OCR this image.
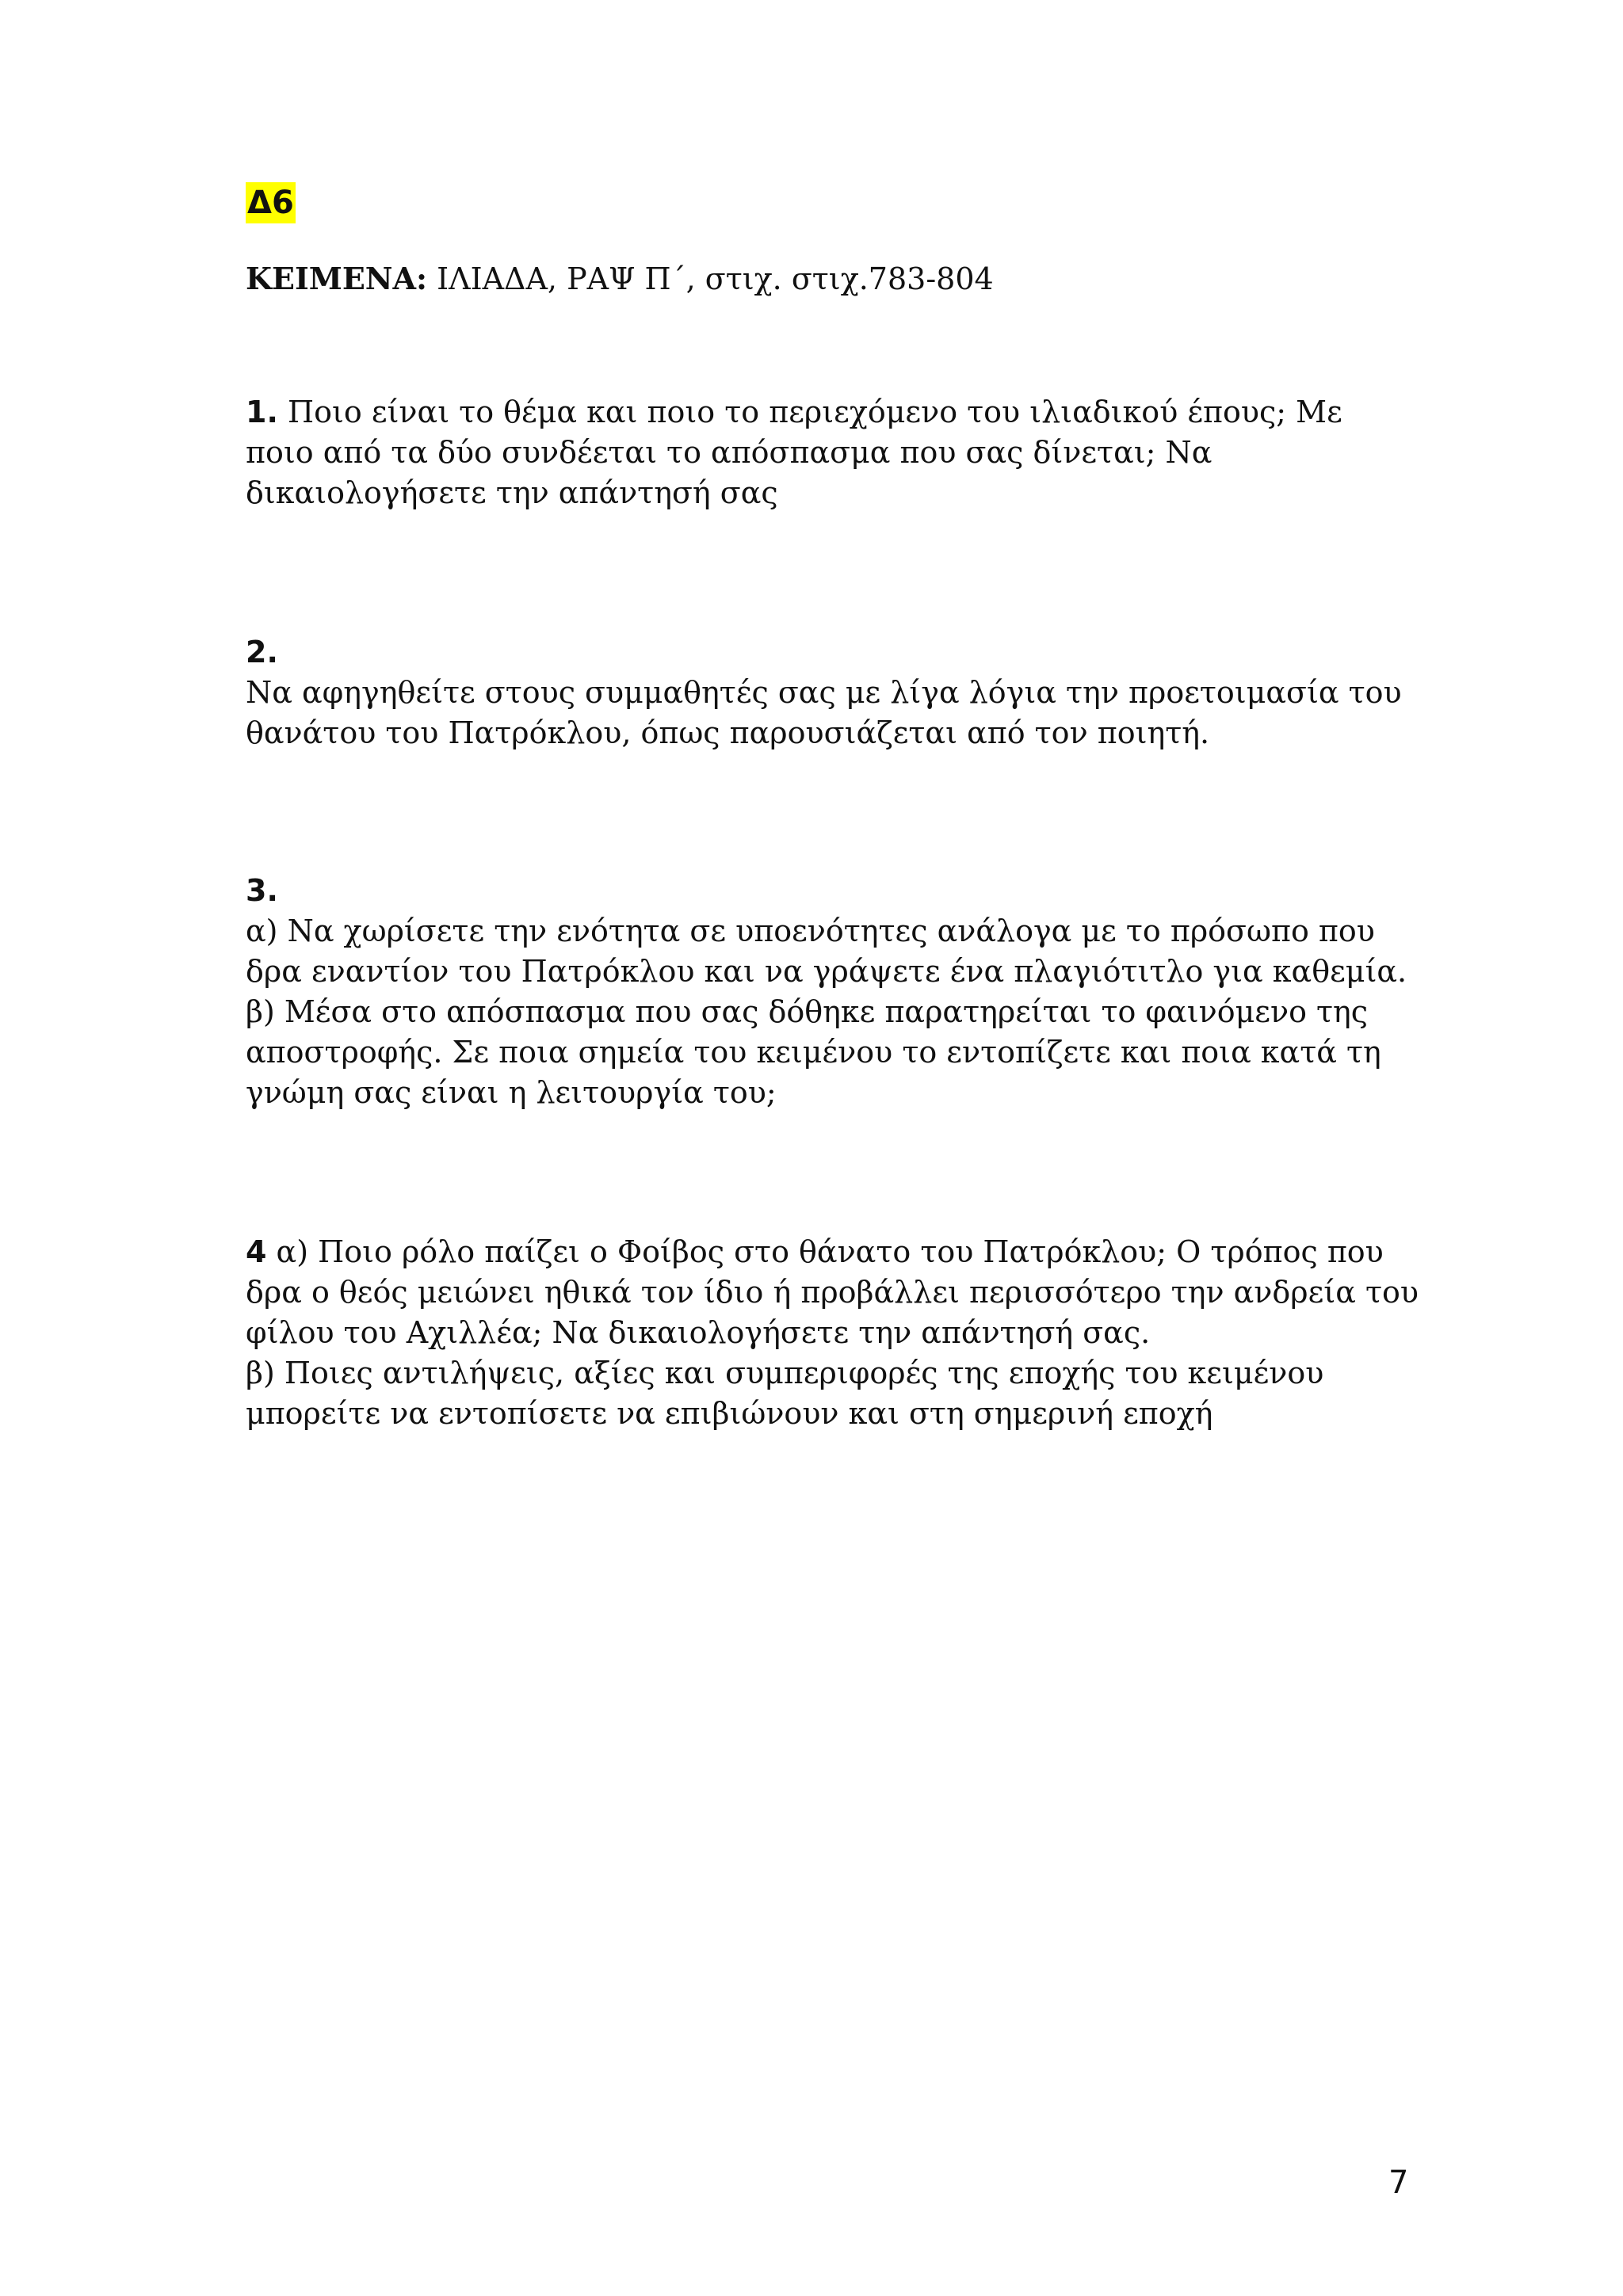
Δ6
ΚΕΙΜΕΝΑ: ΙΛΙΑΔΑ, ΡΑΨ Π΄, στιχ. στιχ.783-804
1. Ποιο είναι το θέμα και ποιο το περιεχόμενο του ιλιαδικού έπους; Με
ποιο από τα δύο συνδέεται το απόσπασμα που σας δίνεται; Να
δικαιολογήσετε την απάντησή σας
2.
Να αφηγηθείτε στους συμμαθητές σας με λίγα λόγια την προετοιμασία του
θανάτου του Πατρόκλου, όπως παρουσιάζεται από τον ποιητή.
3.
α) Να χωρίσετε την ενότητα σε υποενότητες ανάλογα με το πρόσωπο που
δρα εναντίον του Πατρόκλου και να γράψετε ένα πλαγιότιτλο για καθεμία.
β) Μέσα στο απόσπασμα που σας δόθηκε παρατηρείται το φαινόμενο της
αποστροφής. Σε ποια σημεία του κειμένου το εντοπίζετε και ποια κατά τη
γνώμη σας είναι η λειτουργία του;
4 α) Ποιο ρόλο παίζει ο Φοίβος στο θάνατο του Πατρόκλου; Ο τρόπος που
δρα ο θεός μειώνει ηθικά τον ίδιο ή προβάλλει περισσότερο την ανδρεία του
φίλου του Αχιλλέα; Να δικαιολογήσετε την απάντησή σας.
β) Ποιες αντιλήψεις, αξίες και συμπεριφορές της εποχής του κειμένου
μπορείτε να εντοπίσετε να επιβιώνουν και στη σημερινή εποχή
7
